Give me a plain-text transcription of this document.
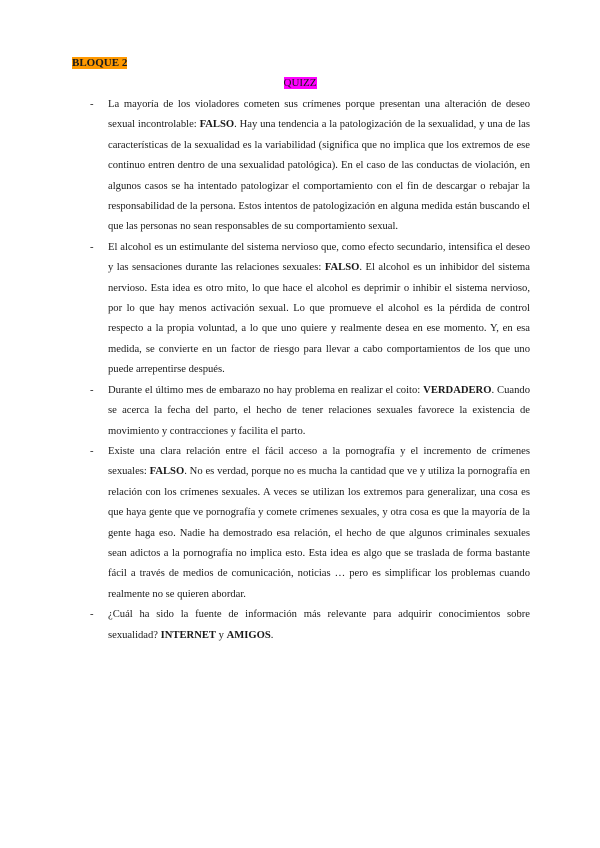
BLOQUE 2
QUIZZ
- La mayoría de los violadores cometen sus crímenes porque presentan una alteración de deseo sexual incontrolable: FALSO. Hay una tendencia a la patologización de la sexualidad, y una de las características de la sexualidad es la variabilidad (significa que no implica que los extremos de ese continuo entren dentro de una sexualidad patológica). En el caso de las conductas de violación, en algunos casos se ha intentado patologizar el comportamiento con el fin de descargar o rebajar la responsabilidad de la persona. Estos intentos de patologización en alguna medida están buscando el que las personas no sean responsables de su comportamiento sexual.
- El alcohol es un estimulante del sistema nervioso que, como efecto secundario, intensifica el deseo y las sensaciones durante las relaciones sexuales: FALSO. El alcohol es un inhibidor del sistema nervioso. Esta idea es otro mito, lo que hace el alcohol es deprimir o inhibir el sistema nervioso, por lo que hay menos activación sexual. Lo que promueve el alcohol es la pérdida de control respecto a la propia voluntad, a lo que uno quiere y realmente desea en ese momento. Y, en esa medida, se convierte en un factor de riesgo para llevar a cabo comportamientos de los que uno puede arrepentirse después.
- Durante el último mes de embarazo no hay problema en realizar el coito: VERDADERO. Cuando se acerca la fecha del parto, el hecho de tener relaciones sexuales favorece la existencia de movimiento y contracciones y facilita el parto.
- Existe una clara relación entre el fácil acceso a la pornografía y el incremento de crímenes sexuales: FALSO. No es verdad, porque no es mucha la cantidad que ve y utiliza la pornografía en relación con los crímenes sexuales. A veces se utilizan los extremos para generalizar, una cosa es que haya gente que ve pornografía y comete crímenes sexuales, y otra cosa es que la mayoría de la gente haga eso. Nadie ha demostrado esa relación, el hecho de que algunos criminales sexuales sean adictos a la pornografía no implica esto. Esta idea es algo que se traslada de forma bastante fácil a través de medios de comunicación, noticias … pero es simplificar los problemas cuando realmente no se quieren abordar.
- ¿Cuál ha sido la fuente de información más relevante para adquirir conocimientos sobre sexualidad? INTERNET y AMIGOS.
